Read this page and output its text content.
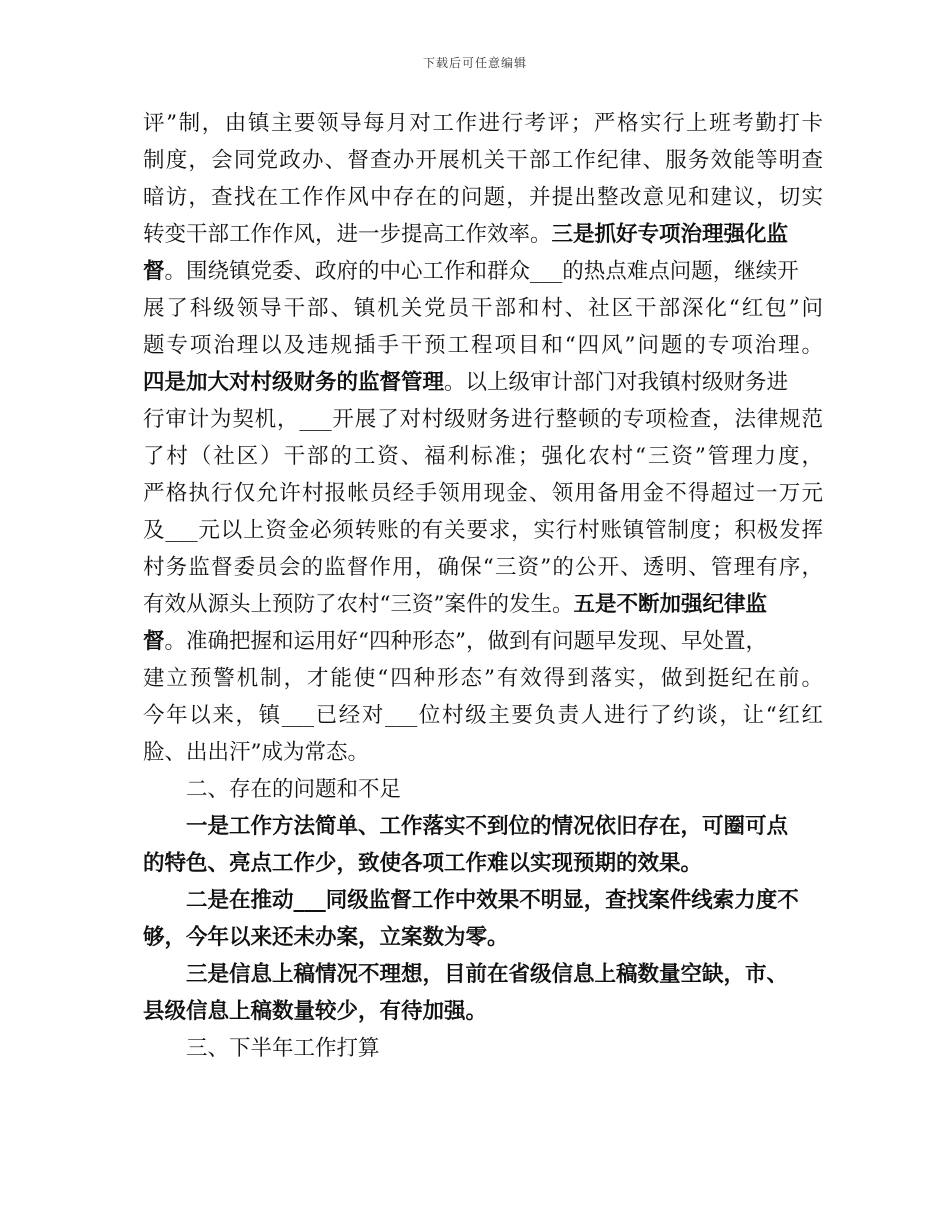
下载后可任意编辑
评”制，由镇主要领导每月对工作进行考评；严格实行上班考勤打卡
制度，会同党政办、督查办开展机关干部工作纪律、服务效能等明查
暗访，查找在工作作风中存在的问题，并提出整改意见和建议，切实
转变干部工作作风，进一步提高工作效率。三是抓好专项治理强化监
督。围绕镇党委、政府的中心工作和群众___的热点难点问题，继续开
展了科级领导干部、镇机关党员干部和村、社区干部深化“红包”问
题专项治理以及违规插手干预工程项目和“四风”问题的专项治理。
四是加大对村级财务的监督管理。以上级审计部门对我镇村级财务进
行审计为契机，___开展了对村级财务进行整顿的专项检查，法律规范
了村（社区）干部的工资、福利标准；强化农村“三资”管理力度，
严格执行仅允许村报帐员经手领用现金、领用备用金不得超过一万元
及___元以上资金必须转账的有关要求，实行村账镇管制度；积极发挥
村务监督委员会的监督作用，确保“三资”的公开、透明、管理有序，
有效从源头上预防了农村“三资”案件的发生。五是不断加强纪律监
督。准确把握和运用好“四种形态”，做到有问题早发现、早处置，
建立预警机制，才能使“四种形态”有效得到落实，做到挺纪在前。
今年以来，镇___已经对___位村级主要负责人进行了约谈，让“红红
脸、出出汗”成为常态。
二、存在的问题和不足
一是工作方法简单、工作落实不到位的情况依旧存在，可圈可点
的特色、亮点工作少，致使各项工作难以实现预期的效果。
二是在推动___同级监督工作中效果不明显，查找案件线索力度不
够，今年以来还未办案，立案数为零。
三是信息上稿情况不理想，目前在省级信息上稿数量空缺，市、
县级信息上稿数量较少，有待加强。
三、下半年工作打算
